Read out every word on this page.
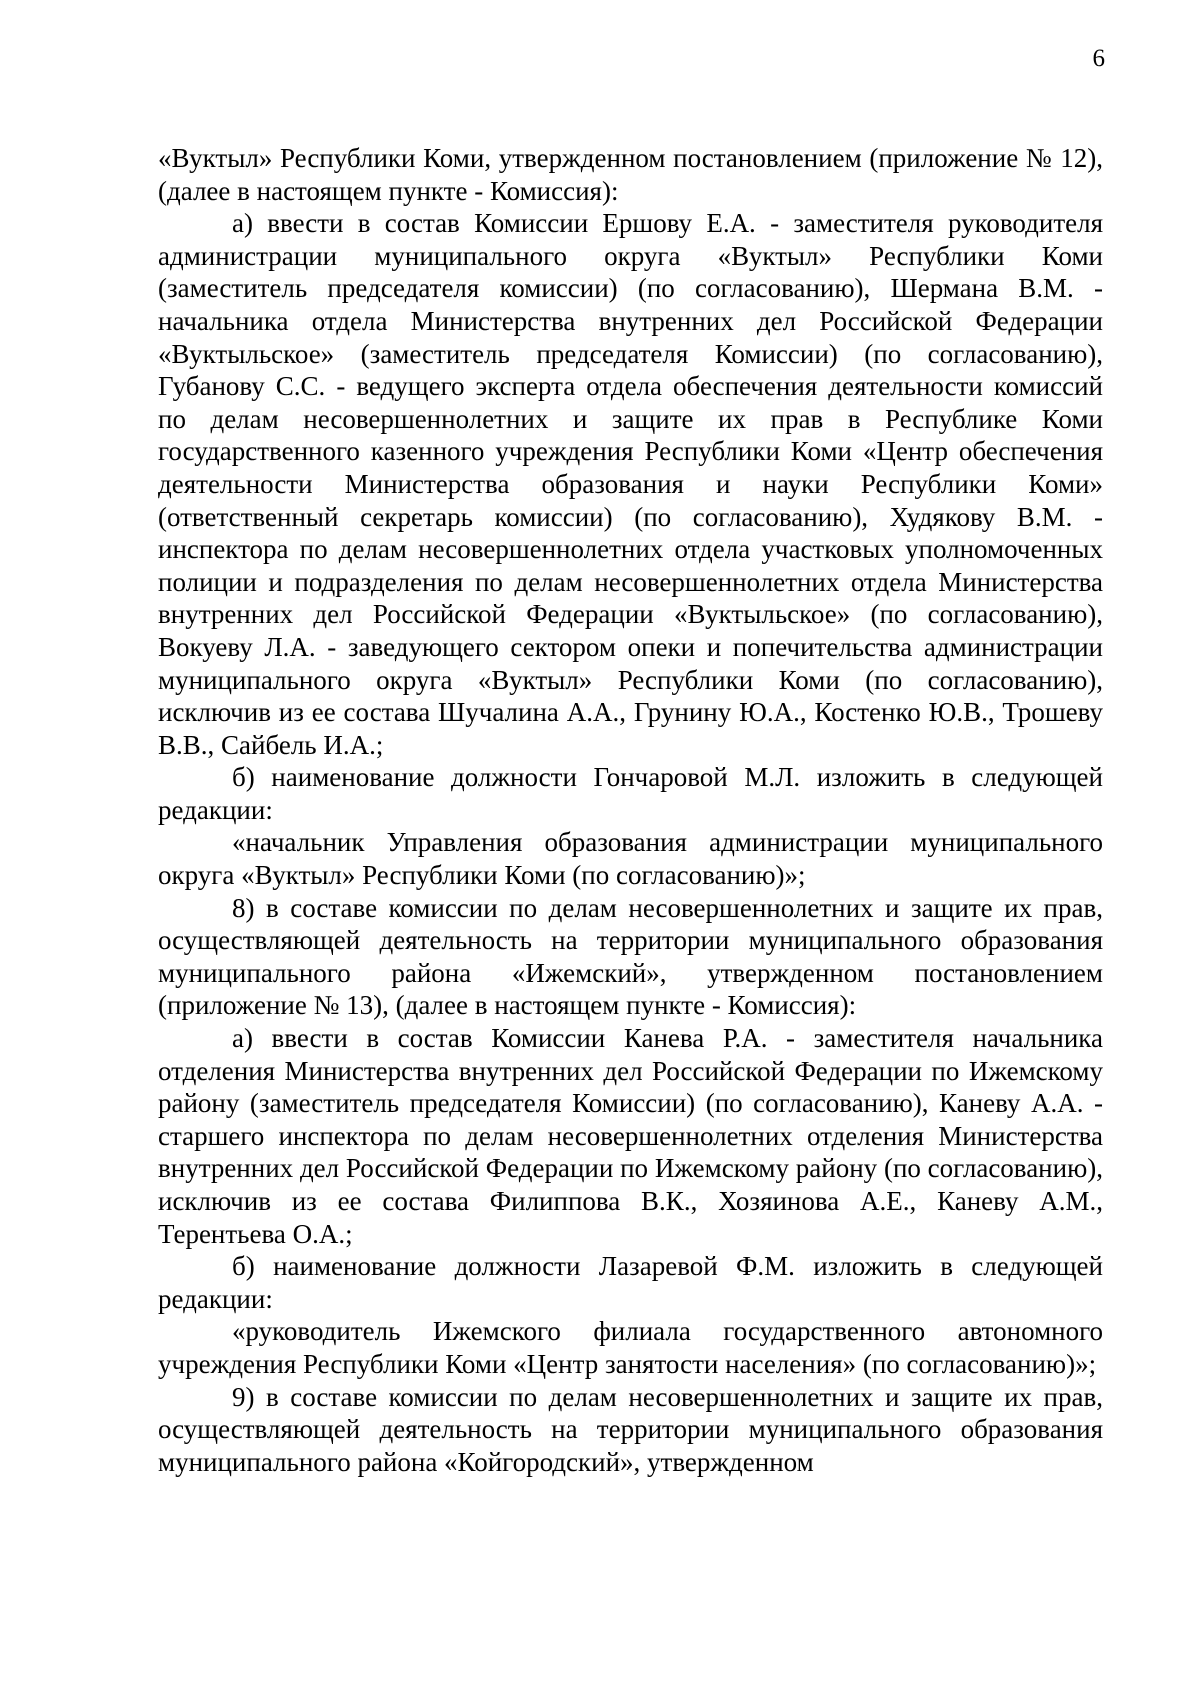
6

«Вуктыл» Республики Коми, утвержденном постановлением (приложение № 12), (далее в настоящем пункте - Комиссия):

а) ввести в состав Комиссии Ершову Е.А. - заместителя руководителя администрации муниципального округа «Вуктыл» Республики Коми (заместитель председателя комиссии) (по согласованию), Шермана В.М. - начальника отдела Министерства внутренних дел Российской Федерации «Вуктыльское» (заместитель председателя Комиссии) (по согласованию), Губанову С.С. - ведущего эксперта отдела обеспечения деятельности комиссий по делам несовершеннолетних и защите их прав в Республике Коми государственного казенного учреждения Республики Коми «Центр обеспечения деятельности Министерства образования и науки Республики Коми» (ответственный секретарь комиссии) (по согласованию), Худякову В.М. - инспектора по делам несовершеннолетних отдела участковых уполномоченных полиции и подразделения по делам несовершеннолетних отдела Министерства внутренних дел Российской Федерации «Вуктыльское» (по согласованию), Вокуеву Л.А. - заведующего сектором опеки и попечительства администрации муниципального округа «Вуктыл» Республики Коми (по согласованию), исключив из ее состава Шучалина А.А., Грунину Ю.А., Костенко Ю.В., Трошеву В.В., Сайбель И.А.;

б) наименование должности Гончаровой М.Л. изложить в следующей редакции:

«начальник Управления образования администрации муниципального округа «Вуктыл» Республики Коми (по согласованию)»;

8) в составе комиссии по делам несовершеннолетних и защите их прав, осуществляющей деятельность на территории муниципального образования муниципального района «Ижемский», утвержденном постановлением (приложение № 13), (далее в настоящем пункте - Комиссия):

а) ввести в состав Комиссии Канева Р.А. - заместителя начальника отделения Министерства внутренних дел Российской Федерации по Ижемскому району (заместитель председателя Комиссии) (по согласованию), Каневу А.А. - старшего инспектора по делам несовершеннолетних отделения Министерства внутренних дел Российской Федерации по Ижемскому району (по согласованию), исключив из ее состава Филиппова В.К., Хозяинова А.Е., Каневу А.М., Терентьева О.А.;

б) наименование должности Лазаревой Ф.М. изложить в следующей редакции:

«руководитель Ижемского филиала государственного автономного учреждения Республики Коми «Центр занятости населения» (по согласованию)»;

9) в составе комиссии по делам несовершеннолетних и защите их прав, осуществляющей деятельность на территории муниципального образования муниципального района «Койгородский», утвержденном
